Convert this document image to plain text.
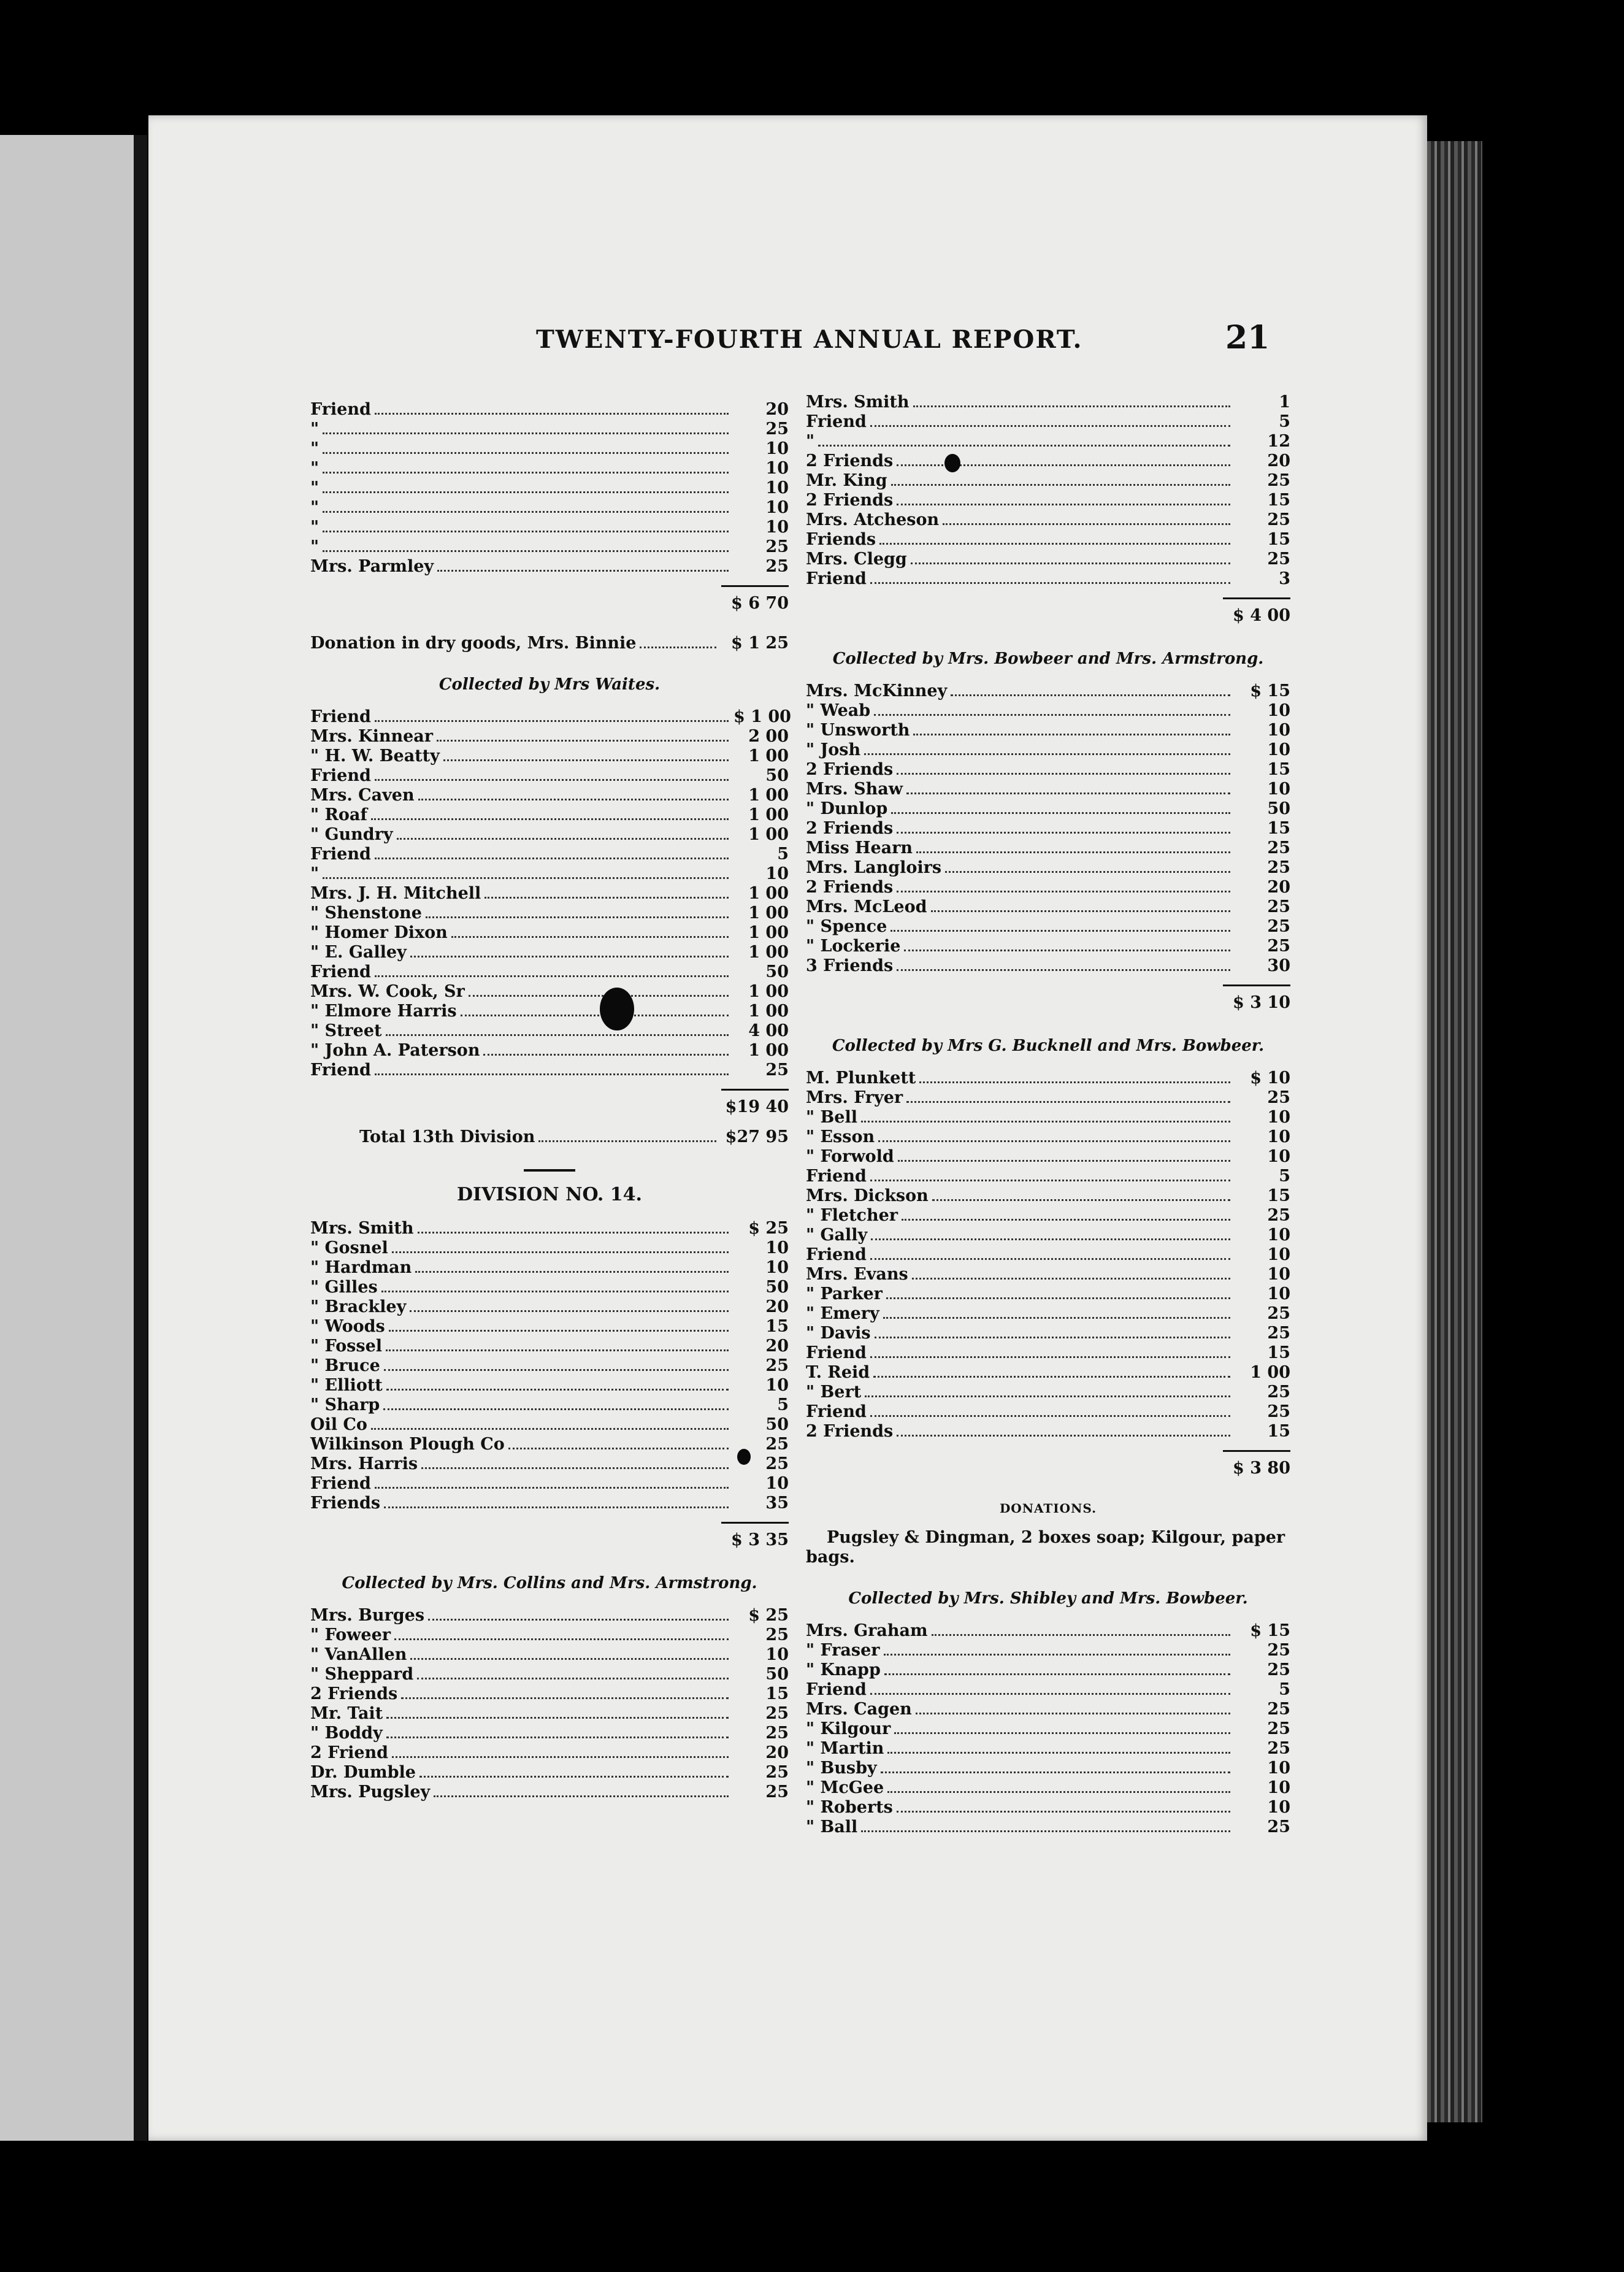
TWENTY-FOURTH ANNUAL REPORT.	21
Friend	20
"	25
"	10
"	10
"	10
"	10
"	10
"	25
Mrs. Parmley	25
$ 6 70
Donation in dry goods, Mrs. Binnie	$ 1 25
Collected by Mrs Waites.
Friend	$ 1 00
Mrs. Kinnear	2 00
" H. W. Beatty	1 00
Friend	50
Mrs. Caven	1 00
" Roaf	1 00
" Gundry	1 00
Friend	5
"	10
Mrs. J. H. Mitchell	1 00
" Shenstone	1 00
" Homer Dixon	1 00
" E. Galley	1 00
Friend	50
Mrs. W. Cook, Sr	1 00
" Elmore Harris	1 00
" Street	4 00
" John A. Paterson	1 00
Friend	25
$19 40
Total 13th Division	$27 95
DIVISION NO. 14.
Mrs. Smith	$ 25
" Gosnel	10
" Hardman	10
" Gilles	50
" Brackley	20
" Woods	15
" Fossel	20
" Bruce	25
" Elliott	10
" Sharp	5
Oil Co	50
Wilkinson Plough Co	25
Mrs. Harris	25
Friend	10
Friends	35
$ 3 35
Collected by Mrs. Collins and Mrs. Armstrong.
Mrs. Burges	$ 25
" Foweer	25
" VanAllen	10
" Sheppard	50
2 Friends	15
Mr. Tait	25
" Boddy	25
2 Friend	20
Dr. Dumble	25
Mrs. Pugsley	25
Mrs. Smith	1
Friend	5
"	12
2 Friends	20
Mr. King	25
2 Friends	15
Mrs. Atcheson	25
Friends	15
Mrs. Clegg	25
Friend	3
$ 4 00
Collected by Mrs. Bowbeer and Mrs. Armstrong.
Mrs. McKinney	$ 15
" Weab	10
" Unsworth	10
" Josh	10
2 Friends	15
Mrs. Shaw	10
" Dunlop	50
2 Friends	15
Miss Hearn	25
Mrs. Langloirs	25
2 Friends	20
Mrs. McLeod	25
" Spence	25
" Lockerie	25
3 Friends	30
$ 3 10
Collected by Mrs G. Bucknell and Mrs. Bowbeer.
M. Plunkett	$ 10
Mrs. Fryer	25
" Bell	10
" Esson	10
" Forwold	10
Friend	5
Mrs. Dickson	15
" Fletcher	25
" Gally	10
Friend	10
Mrs. Evans	10
" Parker	10
" Emery	25
" Davis	25
Friend	15
T. Reid	1 00
" Bert	25
Friend	25
2 Friends	15
$ 3 80
DONATIONS.
Pugsley & Dingman, 2 boxes soap; Kilgour, paper bags.
Collected by Mrs. Shibley and Mrs. Bowbeer.
Mrs. Graham	$ 15
" Fraser	25
" Knapp	25
Friend	5
Mrs. Cagen	25
" Kilgour	25
" Martin	25
" Busby	10
" McGee	10
" Roberts	10
" Ball	25
